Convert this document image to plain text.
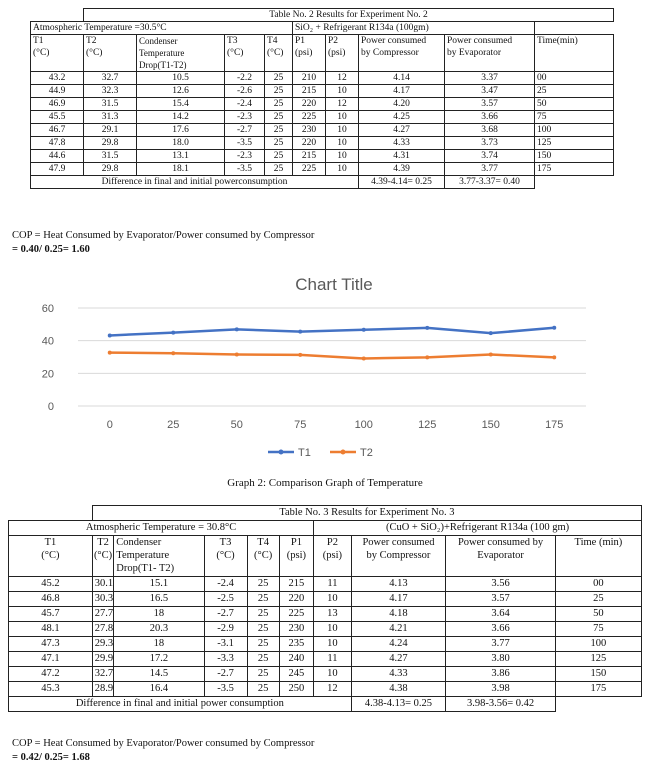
	Table No. 2 Results for Experiment No. 2								
Atmospheric Temperature =30.5°C					SiO₂ + Refrigerant R134a (100gm)				
T1
(°C)	T2
(°C)	Condenser
Temperature
Drop(T1-T2)	T3
(°C)	T4
(°C)	P1
(psi)	P2
(psi)	Power consumed
by Compressor	Power consumed
by Evaporator	Time(min)
43.2	32.7	10.5	-2.2	25	210	12	4.14	3.37	00
44.9	32.3	12.6	-2.6	25	215	10	4.17	3.47	25
46.9	31.5	15.4	-2.4	25	220	12	4.20	3.57	50
45.5	31.3	14.2	-2.3	25	225	10	4.25	3.66	75
46.7	29.1	17.6	-2.7	25	230	10	4.27	3.68	100
47.8	29.8	18.0	-3.5	25	220	10	4.33	3.73	125
44.6	31.5	13.1	-2.3	25	215	10	4.31	3.74	150
47.9	29.8	18.1	-3.5	25	225	10	4.39	3.77	175
Difference in final and initial powerconsumption							4.39-4.14= 0.25	3.77-3.37= 0.40	
COP = Heat Consumed by Evaporator/Power consumed by Compressor
= 0.40/ 0.25= 1.60
Chart Title
0
20
40
60
0	25	50	75	100	125	150	175
T1	T2
Graph 2: Comparison Graph of Temperature
	Table No. 3 Results for Experiment No. 3								
Atmospheric Temperature = 30.8°C						(CuO + SiO₂)+Refrigerant R134a (100 gm)			
T1
(°C)	T2
(°C)	Condenser
Temperature
Drop(T1- T2)	T3
(°C)	T4
(°C)	P1
(psi)	P2
(psi)	Power consumed
by Compressor	Power consumed by
Evaporator	Time (min)
45.2	30.1	15.1	-2.4	25	215	11	4.13	3.56	00
46.8	30.3	16.5	-2.5	25	220	10	4.17	3.57	25
45.7	27.7	18	-2.7	25	225	13	4.18	3.64	50
48.1	27.8	20.3	-2.9	25	230	10	4.21	3.66	75
47.3	29.3	18	-3.1	25	235	10	4.24	3.77	100
47.1	29.9	17.2	-3.3	25	240	11	4.27	3.80	125
47.2	32.7	14.5	-2.7	25	245	10	4.33	3.86	150
45.3	28.9	16.4	-3.5	25	250	12	4.38	3.98	175
Difference in final and initial power consumption							4.38-4.13= 0.25	3.98-3.56= 0.42	
COP = Heat Consumed by Evaporator/Power consumed by Compressor
= 0.42/ 0.25= 1.68
